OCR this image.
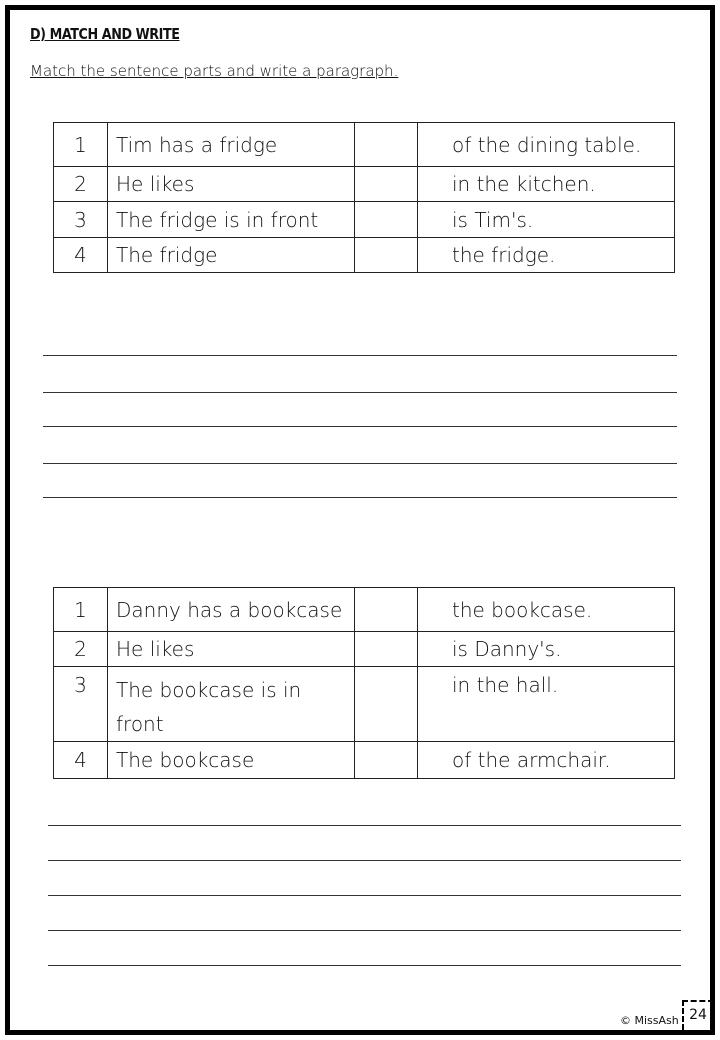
D) MATCH AND WRITE
Match the sentence parts and write a paragraph.
1	Tim has a fridge		of the dining table.
2	He likes		in the kitchen.
3	The fridge is in front		is Tim's.
4	The fridge		the fridge.
1	Danny has a bookcase		the bookcase.
2	He likes		is Danny's.
3	The bookcase is in front		in the hall.
4	The bookcase		of the armchair.
© MissAsh 24
